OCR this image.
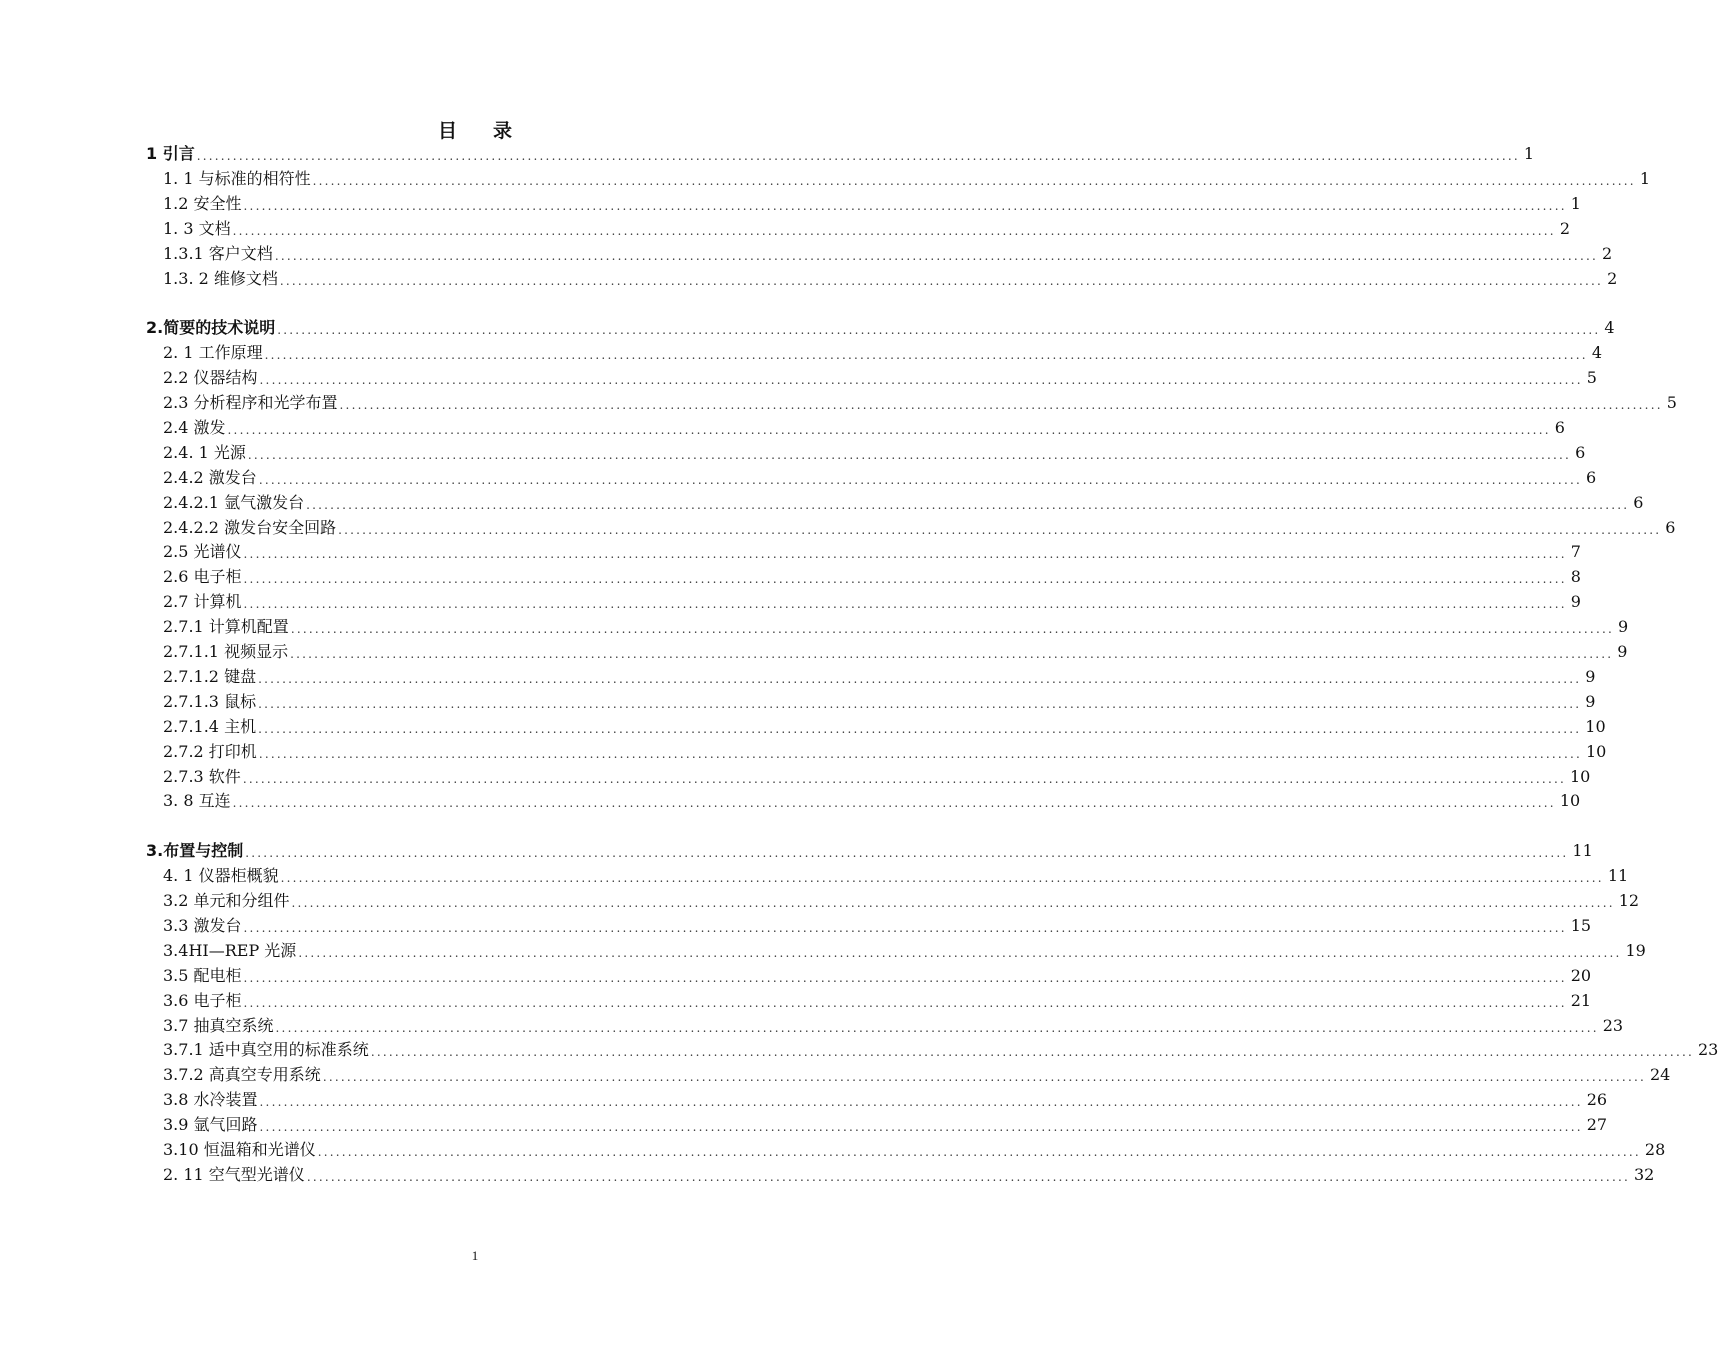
目 录
1 引言 ............................................................................................................................................................................................................................ 1
1. 1 与标准的相符性 ............................................................................................................................................................................................................................ 1
1.2 安全性 ............................................................................................................................................................................................................................ 1
1. 3 文档 ............................................................................................................................................................................................................................ 2
1.3.1 客户文档 ............................................................................................................................................................................................................................ 2
1.3. 2 维修文档 ............................................................................................................................................................................................................................ 2
2.简要的技术说明 ............................................................................................................................................................................................................................ 4
2. 1 工作原理 ............................................................................................................................................................................................................................ 4
2.2 仪器结构 ............................................................................................................................................................................................................................ 5
2.3 分析程序和光学布置 ............................................................................................................................................................................................................................ 5
2.4 激发 ............................................................................................................................................................................................................................ 6
2.4. 1 光源 ............................................................................................................................................................................................................................ 6
2.4.2 激发台 ............................................................................................................................................................................................................................ 6
2.4.2.1 氩气激发台 ............................................................................................................................................................................................................................ 6
2.4.2.2 激发台安全回路 ............................................................................................................................................................................................................................ 6
2.5 光谱仪 ............................................................................................................................................................................................................................ 7
2.6 电子柜 ............................................................................................................................................................................................................................ 8
2.7 计算机 ............................................................................................................................................................................................................................ 9
2.7.1 计算机配置 ............................................................................................................................................................................................................................ 9
2.7.1.1 视频显示 ............................................................................................................................................................................................................................ 9
2.7.1.2 键盘 ............................................................................................................................................................................................................................ 9
2.7.1.3 鼠标 ............................................................................................................................................................................................................................ 9
2.7.1.4 主机 ............................................................................................................................................................................................................................ 10
2.7.2 打印机 ............................................................................................................................................................................................................................ 10
2.7.3 软件 ............................................................................................................................................................................................................................ 10
3. 8 互连 ............................................................................................................................................................................................................................ 10
3.布置与控制 ............................................................................................................................................................................................................................ 11
4. 1 仪器柜概貌 ............................................................................................................................................................................................................................ 11
3.2 单元和分组件 ............................................................................................................................................................................................................................ 12
3.3 激发台 ............................................................................................................................................................................................................................ 15
3.4HI—REP 光源 ............................................................................................................................................................................................................................ 19
3.5 配电柜 ............................................................................................................................................................................................................................ 20
3.6 电子柜 ............................................................................................................................................................................................................................ 21
3.7 抽真空系统 ............................................................................................................................................................................................................................ 23
3.7.1 适中真空用的标准系统 ............................................................................................................................................................................................................................ 23
3.7.2 高真空专用系统 ............................................................................................................................................................................................................................ 24
3.8 水冷装置 ............................................................................................................................................................................................................................ 26
3.9 氩气回路 ............................................................................................................................................................................................................................ 27
3.10 恒温箱和光谱仪 ............................................................................................................................................................................................................................ 28
2. 11 空气型光谱仪 ............................................................................................................................................................................................................................ 32
1
